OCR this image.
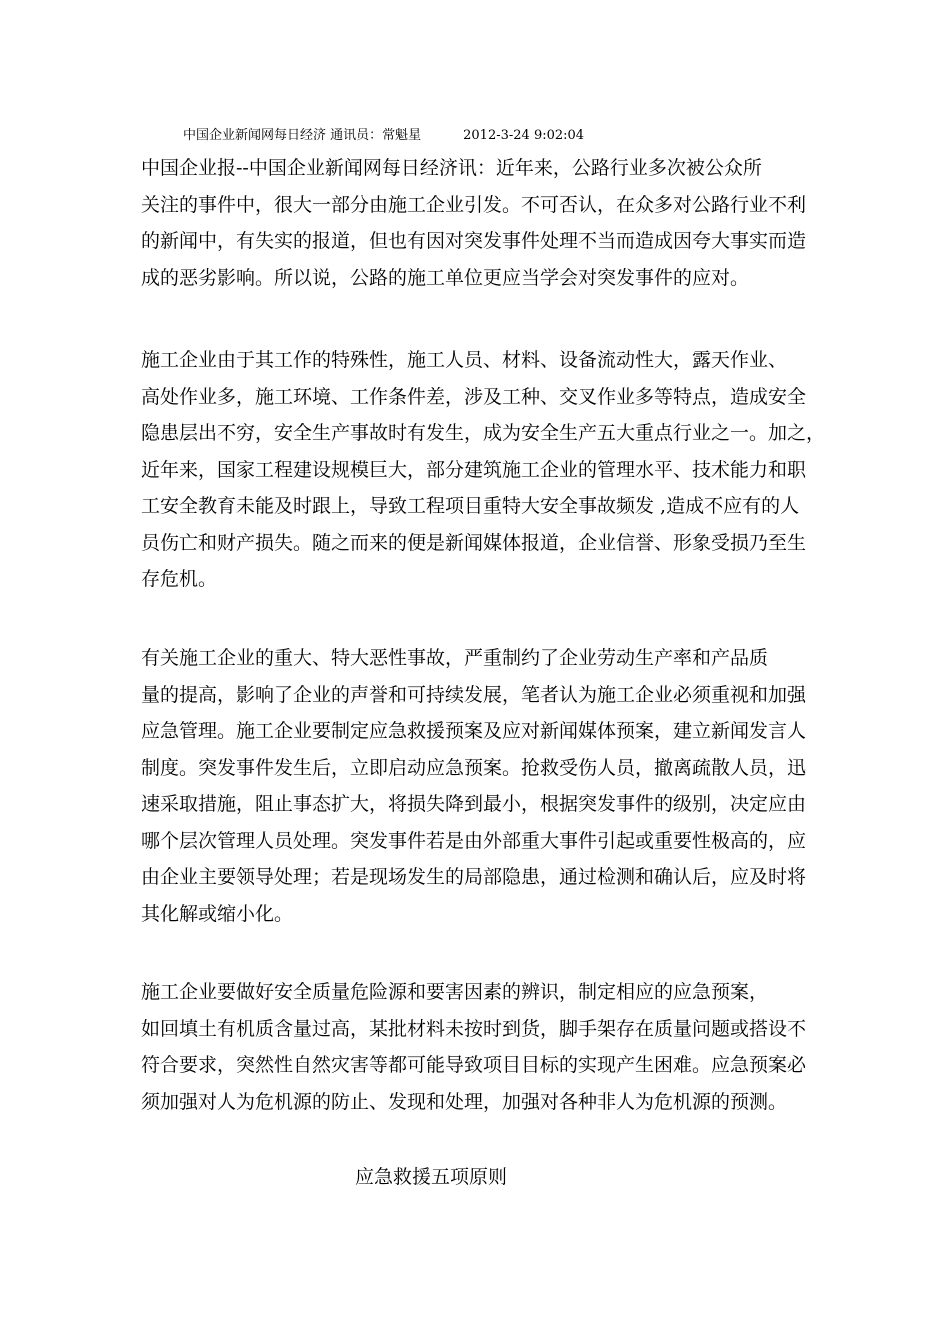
中国企业新闻网每日经济 通讯员：常魁星	2012-3-24 9:02:04

中国企业报--中国企业新闻网每日经济讯：近年来，公路行业多次被公众所
关注的事件中，很大一部分由施工企业引发。不可否认，在众多对公路行业不利
的新闻中，有失实的报道，但也有因对突发事件处理不当而造成因夸大事实而造
成的恶劣影响。所以说，公路的施工单位更应当学会对突发事件的应对。

施工企业由于其工作的特殊性，施工人员、材料、设备流动性大，露天作业、
高处作业多，施工环境、工作条件差，涉及工种、交叉作业多等特点，造成安全
隐患层出不穷，安全生产事故时有发生，成为安全生产五大重点行业之一。加之，
近年来，国家工程建设规模巨大，部分建筑施工企业的管理水平、技术能力和职
工安全教育未能及时跟上，导致工程项目重特大安全事故频发 ,造成不应有的人
员伤亡和财产损失。随之而来的便是新闻媒体报道，企业信誉、形象受损乃至生
存危机。

有关施工企业的重大、特大恶性事故，严重制约了企业劳动生产率和产品质
量的提高，影响了企业的声誉和可持续发展，笔者认为施工企业必须重视和加强
应急管理。施工企业要制定应急救援预案及应对新闻媒体预案，建立新闻发言人
制度。突发事件发生后，立即启动应急预案。抢救受伤人员，撤离疏散人员，迅
速采取措施，阻止事态扩大，将损失降到最小，根据突发事件的级别，决定应由
哪个层次管理人员处理。突发事件若是由外部重大事件引起或重要性极高的，应
由企业主要领导处理；若是现场发生的局部隐患，通过检测和确认后，应及时将
其化解或缩小化。

施工企业要做好安全质量危险源和要害因素的辨识，制定相应的应急预案，
如回填土有机质含量过高，某批材料未按时到货，脚手架存在质量问题或搭设不
符合要求，突然性自然灾害等都可能导致项目目标的实现产生困难。应急预案必
须加强对人为危机源的防止、发现和处理，加强对各种非人为危机源的预测。

应急救援五项原则
